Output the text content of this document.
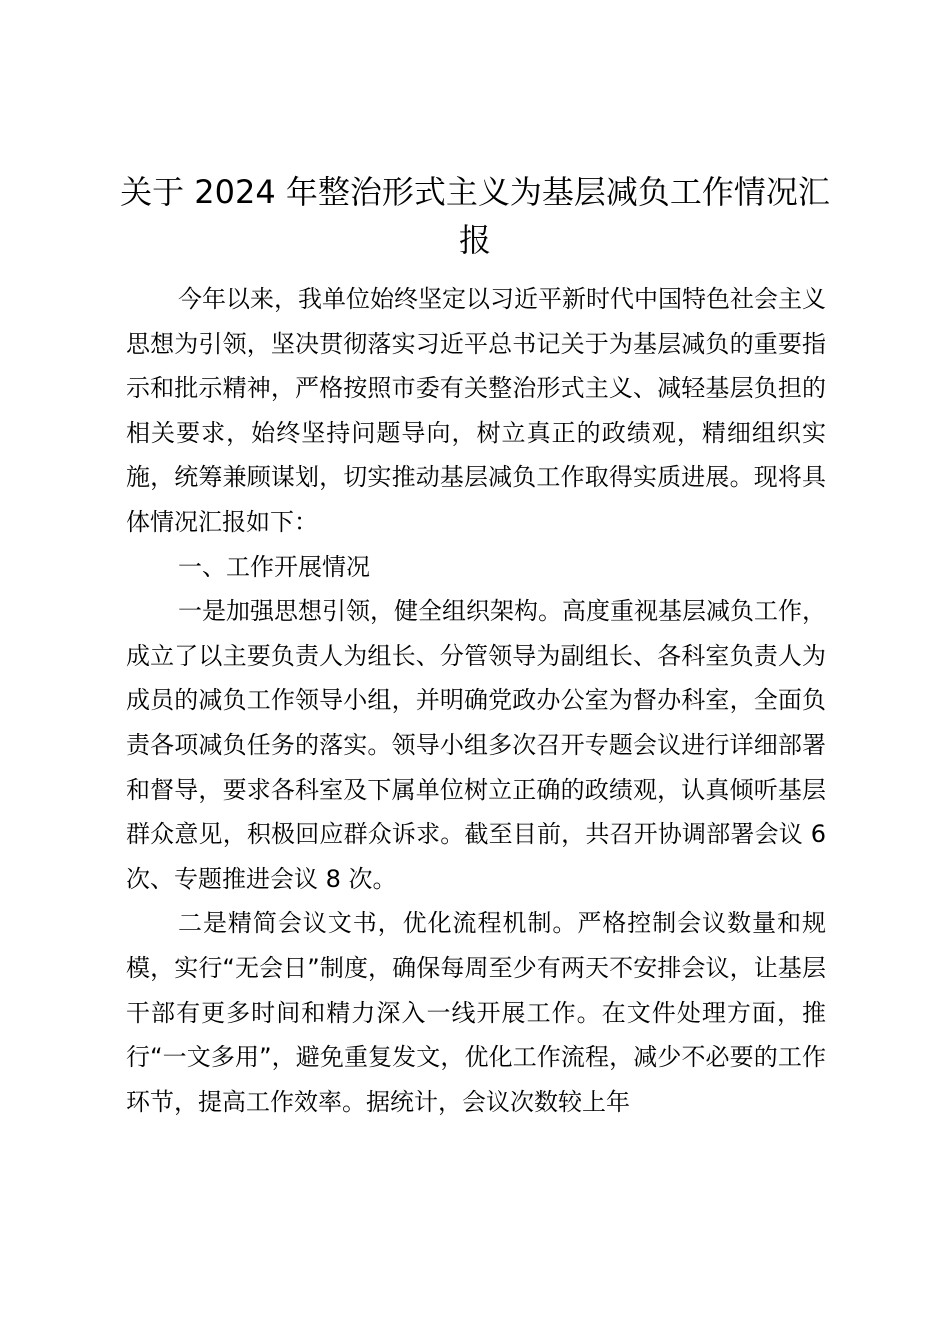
关于 2024 年整治形式主义为基层减负工作情况汇报

今年以来，我单位始终坚定以习近平新时代中国特色社会主义思想为引领，坚决贯彻落实习近平总书记关于为基层减负的重要指示和批示精神，严格按照市委有关整治形式主义、减轻基层负担的相关要求，始终坚持问题导向，树立真正的政绩观，精细组织实施，统筹兼顾谋划，切实推动基层减负工作取得实质进展。现将具体情况汇报如下：

一、工作开展情况

一是加强思想引领，健全组织架构。高度重视基层减负工作，成立了以主要负责人为组长、分管领导为副组长、各科室负责人为成员的减负工作领导小组，并明确党政办公室为督办科室，全面负责各项减负任务的落实。领导小组多次召开专题会议进行详细部署和督导，要求各科室及下属单位树立正确的政绩观，认真倾听基层群众意见，积极回应群众诉求。截至目前，共召开协调部署会议 6 次、专题推进会议 8 次。

二是精简会议文书，优化流程机制。严格控制会议数量和规模，实行“无会日”制度，确保每周至少有两天不安排会议，让基层干部有更多时间和精力深入一线开展工作。在文件处理方面，推行“一文多用”，避免重复发文，优化工作流程，减少不必要的工作环节，提高工作效率。据统计，会议次数较上年
